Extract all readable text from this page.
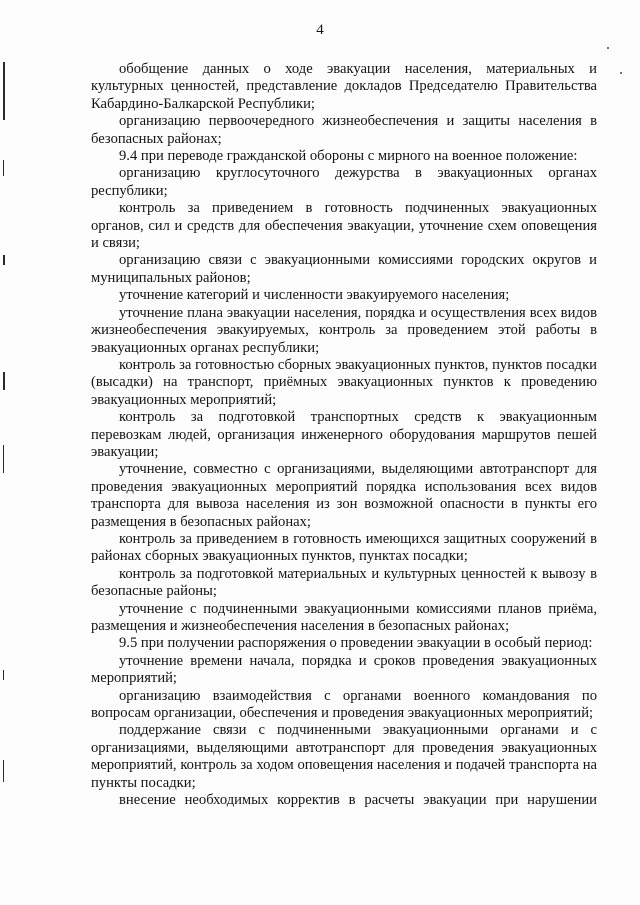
4

обобщение данных о ходе эвакуации населения, материальных и культурных ценностей, представление докладов Председателю Правительства Кабардино-Балкарской Республики;

организацию первоочередного жизнеобеспечения и защиты населения в безопасных районах;

9.4 при переводе гражданской обороны с мирного на военное положение:

организацию круглосуточного дежурства в эвакуационных органах республики;

контроль за приведением в готовность подчиненных эвакуационных органов, сил и средств для обеспечения эвакуации, уточнение схем оповещения и связи;

организацию связи с эвакуационными комиссиями городских округов и муниципальных районов;

уточнение категорий и численности эвакуируемого населения;

уточнение плана эвакуации населения, порядка и осуществления всех видов жизнеобеспечения эвакуируемых, контроль за проведением этой работы в эвакуационных органах республики;

контроль за готовностью сборных эвакуационных пунктов, пунктов посадки (высадки) на транспорт, приёмных эвакуационных пунктов к проведению эвакуационных мероприятий;

контроль за подготовкой транспортных средств к эвакуационным перевозкам людей, организация инженерного оборудования маршрутов пешей эвакуации;

уточнение, совместно с организациями, выделяющими автотранспорт для проведения эвакуационных мероприятий порядка использования всех видов транспорта для вывоза населения из зон возможной опасности в пункты его размещения в безопасных районах;

контроль за приведением в готовность имеющихся защитных сооружений в районах сборных эвакуационных пунктов, пунктах посадки;

контроль за подготовкой материальных и культурных ценностей к вывозу в безопасные районы;

уточнение с подчиненными эвакуационными комиссиями планов приёма, размещения и жизнеобеспечения населения в безопасных районах;

9.5 при получении распоряжения о проведении эвакуации в особый период:

уточнение времени начала, порядка и сроков проведения эвакуационных мероприятий;

организацию взаимодействия с органами военного командования по вопросам организации, обеспечения и проведения эвакуационных мероприятий;

поддержание связи с подчиненными эвакуационными органами и с организациями, выделяющими автотранспорт для проведения эвакуационных мероприятий, контроль за ходом оповещения населения и подачей транспорта на пункты посадки;

внесение необходимых корректив в расчеты эвакуации при нарушении
